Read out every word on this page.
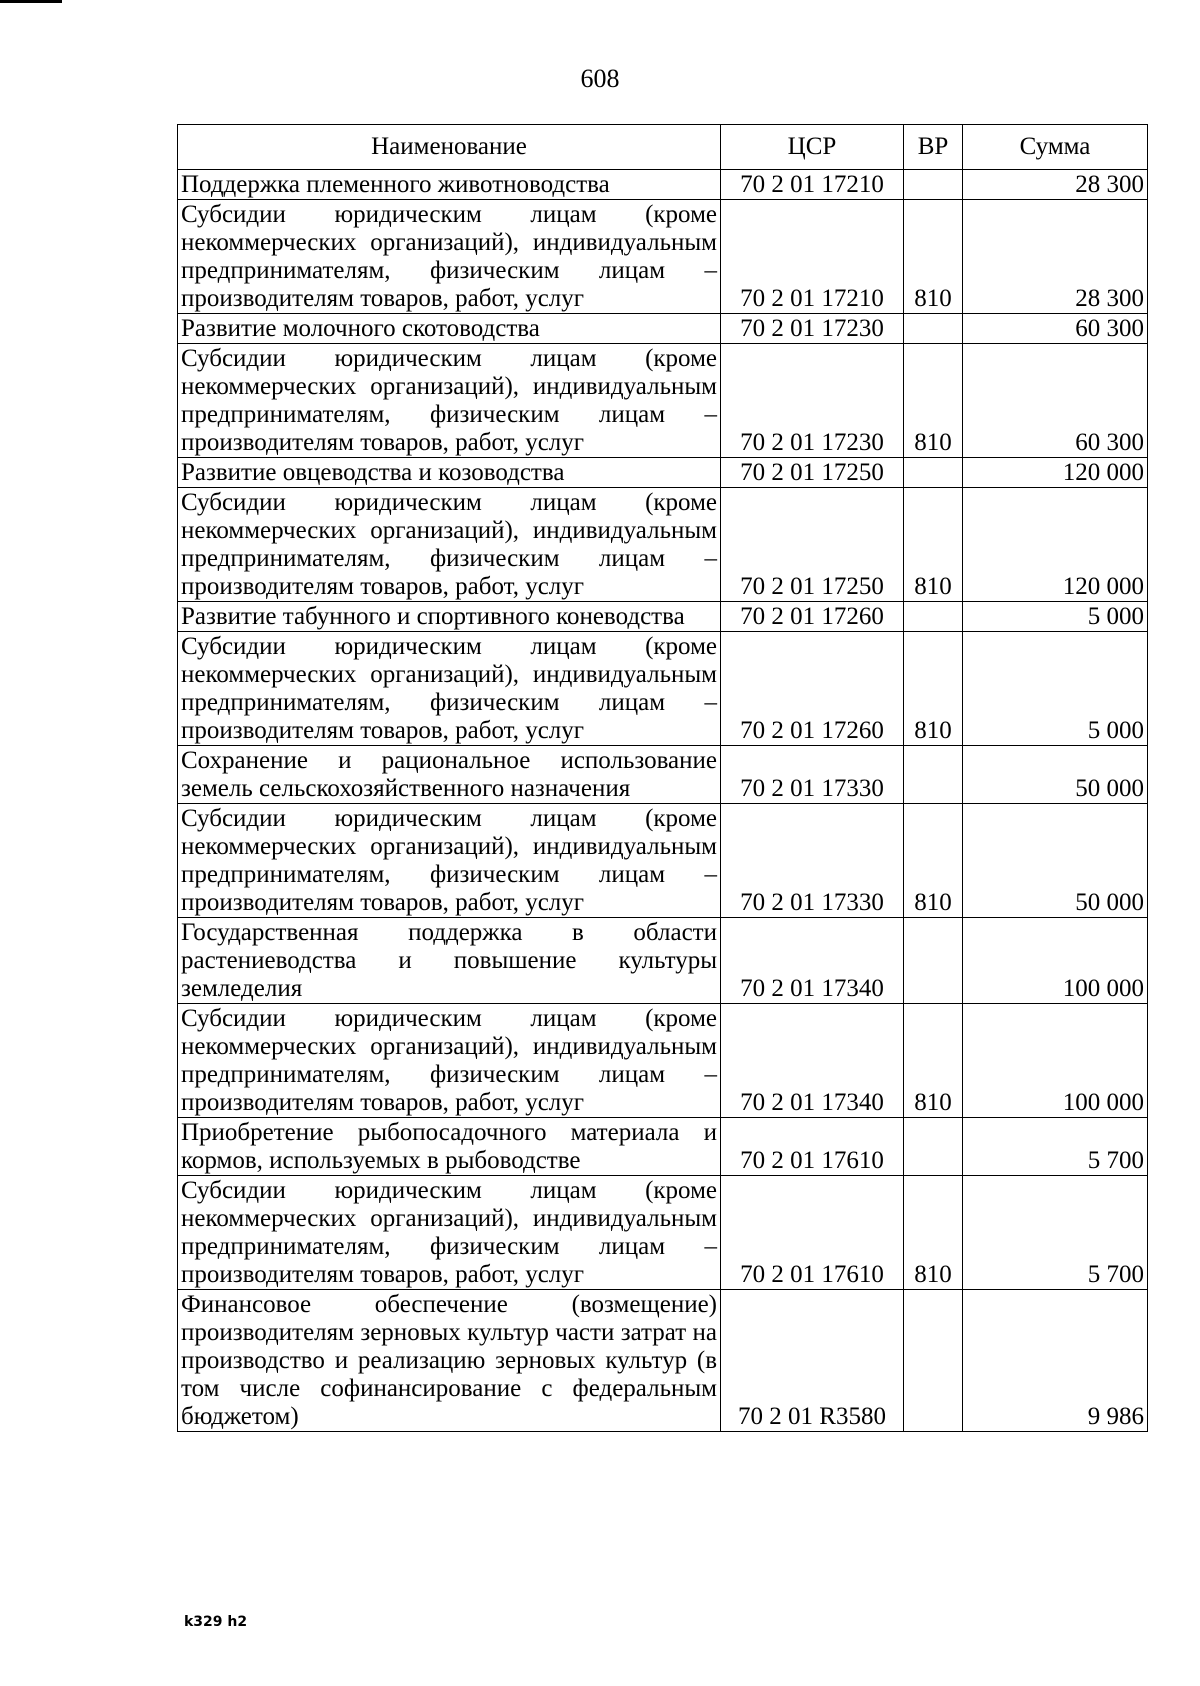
608
Наименование	ЦСР	ВР	Сумма
Поддержка племенного животноводства	70 2 01 17210		28 300
Субсидии юридическим лицам (кроме некоммерческих организаций), индивидуальным предпринимателям, физическим лицам – производителям товаров, работ, услуг	70 2 01 17210	810	28 300
Развитие молочного скотоводства	70 2 01 17230		60 300
Субсидии юридическим лицам (кроме некоммерческих организаций), индивидуальным предпринимателям, физическим лицам – производителям товаров, работ, услуг	70 2 01 17230	810	60 300
Развитие овцеводства и козоводства	70 2 01 17250		120 000
Субсидии юридическим лицам (кроме некоммерческих организаций), индивидуальным предпринимателям, физическим лицам – производителям товаров, работ, услуг	70 2 01 17250	810	120 000
Развитие табунного и спортивного коневодства	70 2 01 17260		5 000
Субсидии юридическим лицам (кроме некоммерческих организаций), индивидуальным предпринимателям, физическим лицам – производителям товаров, работ, услуг	70 2 01 17260	810	5 000
Сохранение и рациональное использование земель сельскохозяйственного назначения	70 2 01 17330		50 000
Субсидии юридическим лицам (кроме некоммерческих организаций), индивидуальным предпринимателям, физическим лицам – производителям товаров, работ, услуг	70 2 01 17330	810	50 000
Государственная поддержка в области растениеводства и повышение культуры земледелия	70 2 01 17340		100 000
Субсидии юридическим лицам (кроме некоммерческих организаций), индивидуальным предпринимателям, физическим лицам – производителям товаров, работ, услуг	70 2 01 17340	810	100 000
Приобретение рыбопосадочного материала и кормов, используемых в рыбоводстве	70 2 01 17610		5 700
Субсидии юридическим лицам (кроме некоммерческих организаций), индивидуальным предпринимателям, физическим лицам – производителям товаров, работ, услуг	70 2 01 17610	810	5 700
Финансовое обеспечение (возмещение) производителям зерновых культур части затрат на производство и реализацию зерновых культур (в том числе софинансирование с федеральным бюджетом)	70 2 01 R3580		9 986
k329 h2
